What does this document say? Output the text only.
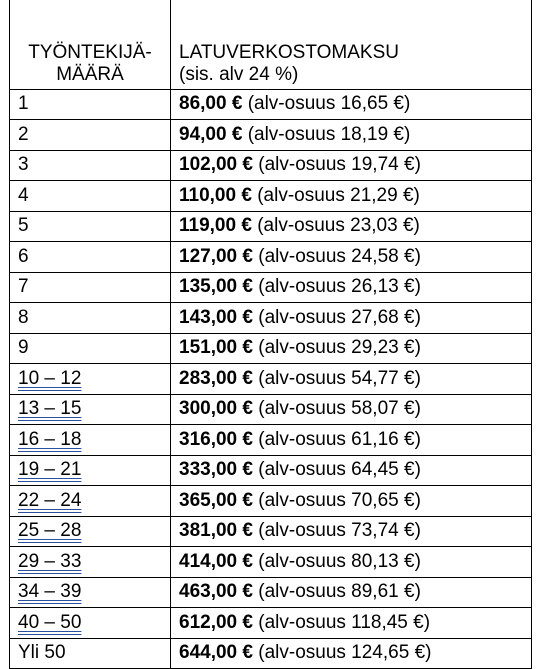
TYÖNTEKIJÄ-
MÄÄRÄ	LATUVERKOSTOMAKSU
(sis. alv 24 %)

1	86,00 € (alv-osuus 16,65 €)
2	94,00 € (alv-osuus 18,19 €)
3	102,00 € (alv-osuus 19,74 €)
4	110,00 € (alv-osuus 21,29 €)
5	119,00 € (alv-osuus 23,03 €)
6	127,00 € (alv-osuus 24,58 €)
7	135,00 € (alv-osuus 26,13 €)
8	143,00 € (alv-osuus 27,68 €)
9	151,00 € (alv-osuus 29,23 €)
10 – 12	283,00 € (alv-osuus 54,77 €)
13 – 15	300,00 € (alv-osuus 58,07 €)
16 – 18	316,00 € (alv-osuus 61,16 €)
19 – 21	333,00 € (alv-osuus 64,45 €)
22 – 24	365,00 € (alv-osuus 70,65 €)
25 – 28	381,00 € (alv-osuus 73,74 €)
29 – 33	414,00 € (alv-osuus 80,13 €)
34 – 39	463,00 € (alv-osuus 89,61 €)
40 – 50	612,00 € (alv-osuus 118,45 €)
Yli 50	644,00 € (alv-osuus 124,65 €)
